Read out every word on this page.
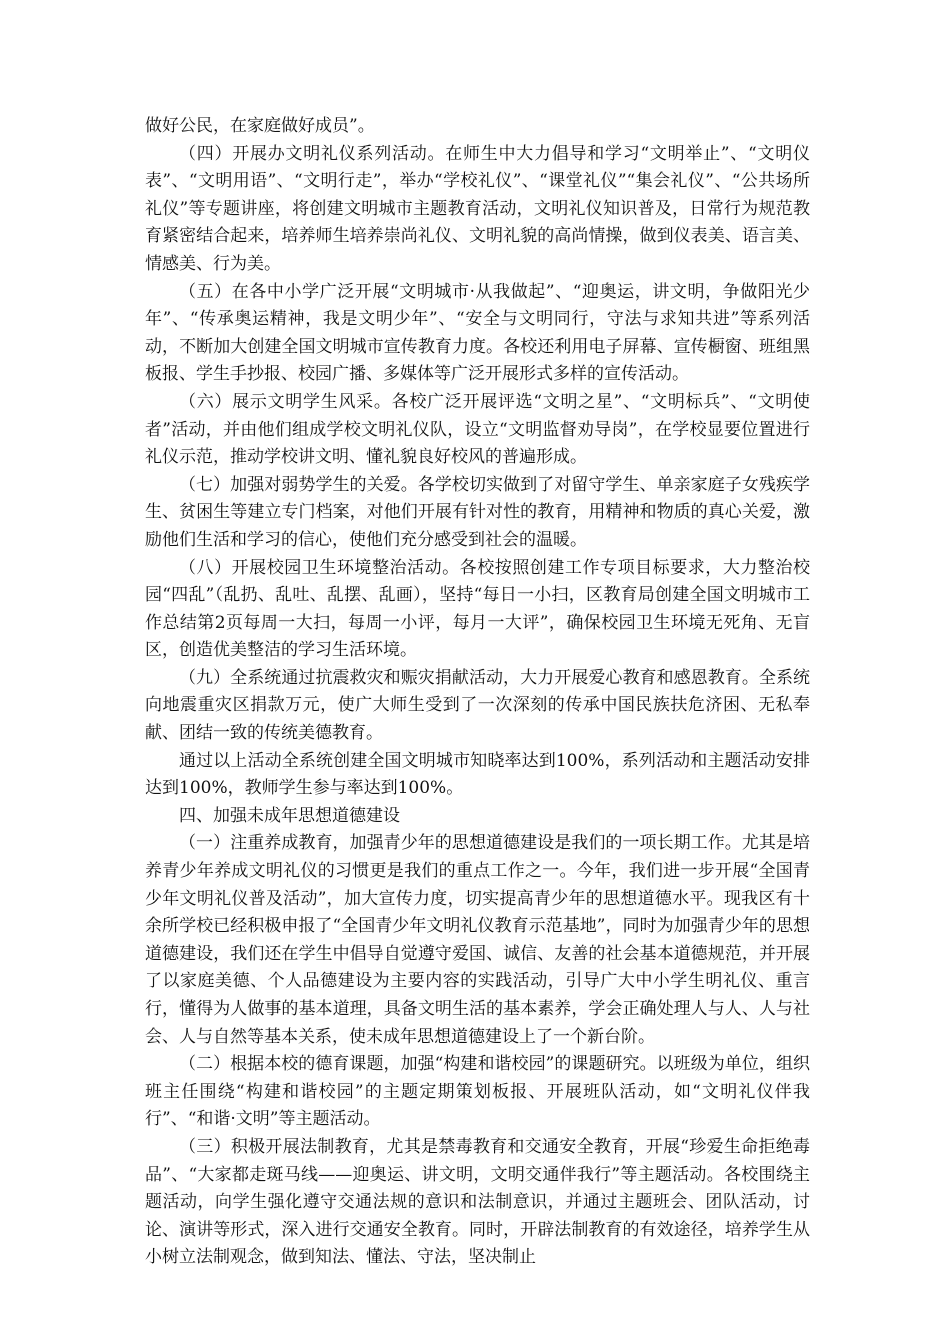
做好公民，在家庭做好成员”。

（四）开展办文明礼仪系列活动。在师生中大力倡导和学习“文明举止”、“文明仪表”、“文明用语”、“文明行走”，举办“学校礼仪”、“课堂礼仪”“集会礼仪”、“公共场所礼仪”等专题讲座，将创建文明城市主题教育活动，文明礼仪知识普及，日常行为规范教育紧密结合起来，培养师生培养崇尚礼仪、文明礼貌的高尚情操，做到仪表美、语言美、情感美、行为美。

（五）在各中小学广泛开展“文明城市·从我做起”、“迎奥运，讲文明，争做阳光少年”、“传承奥运精神，我是文明少年”、“安全与文明同行，守法与求知共进”等系列活动，不断加大创建全国文明城市宣传教育力度。各校还利用电子屏幕、宣传橱窗、班组黑板报、学生手抄报、校园广播、多媒体等广泛开展形式多样的宣传活动。

（六）展示文明学生风采。各校广泛开展评选“文明之星”、“文明标兵”、“文明使者”活动，并由他们组成学校文明礼仪队，设立“文明监督劝导岗”，在学校显要位置进行礼仪示范，推动学校讲文明、懂礼貌良好校风的普遍形成。

（七）加强对弱势学生的关爱。各学校切实做到了对留守学生、单亲家庭子女残疾学生、贫困生等建立专门档案，对他们开展有针对性的教育，用精神和物质的真心关爱，激励他们生活和学习的信心，使他们充分感受到社会的温暖。

（八）开展校园卫生环境整治活动。各校按照创建工作专项目标要求，大力整治校园“四乱”（乱扔、乱吐、乱摆、乱画），坚持“每日一小扫，区教育局创建全国文明城市工作总结第2页每周一大扫，每周一小评，每月一大评”，确保校园卫生环境无死角、无盲区，创造优美整洁的学习生活环境。

（九）全系统通过抗震救灾和赈灾捐献活动，大力开展爱心教育和感恩教育。全系统向地震重灾区捐款万元，使广大师生受到了一次深刻的传承中国民族扶危济困、无私奉献、团结一致的传统美德教育。

通过以上活动全系统创建全国文明城市知晓率达到100%，系列活动和主题活动安排达到100%，教师学生参与率达到100%。

四、加强未成年思想道德建设

（一）注重养成教育，加强青少年的思想道德建设是我们的一项长期工作。尤其是培养青少年养成文明礼仪的习惯更是我们的重点工作之一。今年，我们进一步开展“全国青少年文明礼仪普及活动”，加大宣传力度，切实提高青少年的思想道德水平。现我区有十余所学校已经积极申报了“全国青少年文明礼仪教育示范基地”，同时为加强青少年的思想道德建设，我们还在学生中倡导自觉遵守爱国、诚信、友善的社会基本道德规范，并开展了以家庭美德、个人品德建设为主要内容的实践活动，引导广大中小学生明礼仪、重言行，懂得为人做事的基本道理，具备文明生活的基本素养，学会正确处理人与人、人与社会、人与自然等基本关系，使未成年思想道德建设上了一个新台阶。

（二）根据本校的德育课题，加强“构建和谐校园”的课题研究。以班级为单位，组织班主任围绕“构建和谐校园”的主题定期策划板报、开展班队活动，如“文明礼仪伴我行”、“和谐·文明”等主题活动。

（三）积极开展法制教育，尤其是禁毒教育和交通安全教育，开展“珍爱生命拒绝毒品”、“大家都走斑马线——迎奥运、讲文明，文明交通伴我行”等主题活动。各校围绕主题活动，向学生强化遵守交通法规的意识和法制意识，并通过主题班会、团队活动，讨论、演讲等形式，深入进行交通安全教育。同时，开辟法制教育的有效途径，培养学生从小树立法制观念，做到知法、懂法、守法，坚决制止
